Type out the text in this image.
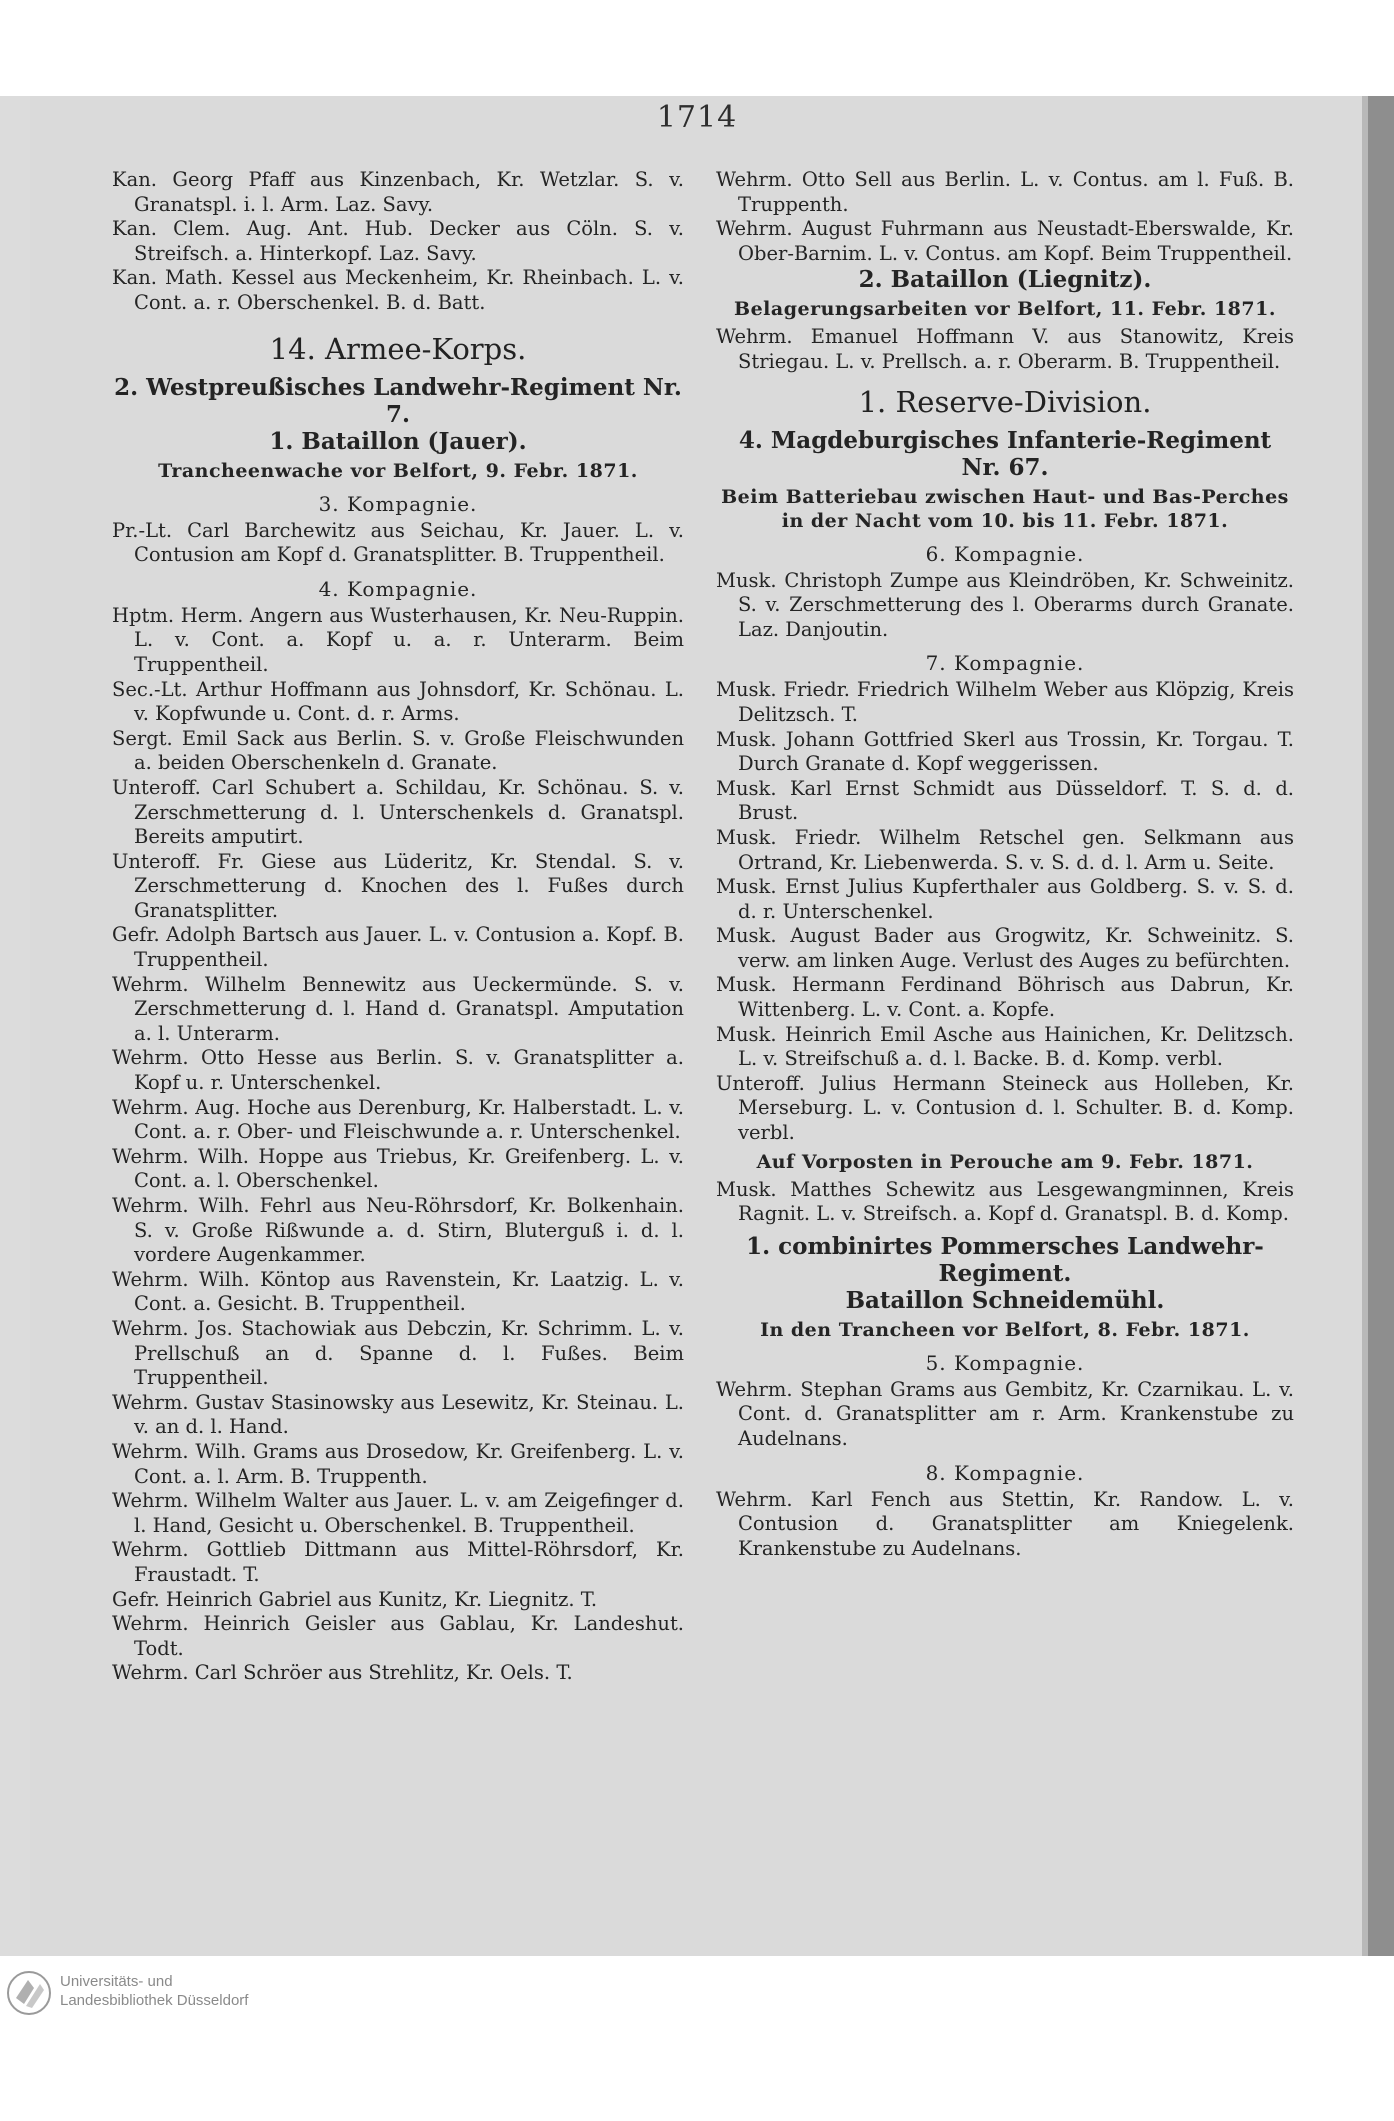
1714

Kan. Georg Pfaff aus Kinzenbach, Kr. Wetzlar. S. v. Granatspl. i. l. Arm. Laz. Savy.

Kan. Clem. Aug. Ant. Hub. Decker aus Cöln. S. v. Streifsch. a. Hinterkopf. Laz. Savy.

Kan. Math. Kessel aus Meckenheim, Kr. Rheinbach. L. v. Cont. a. r. Oberschenkel. B. d. Batt.

14. Armee-Korps.
2. Westpreußisches Landwehr-Regiment Nr. 7.
1. Bataillon (Jauer).
Trancheenwache vor Belfort, 9. Febr. 1871.
3. Kompagnie.

Pr.-Lt. Carl Barchewitz aus Seichau, Kr. Jauer. L. v. Contusion am Kopf d. Granatsplitter. B. Truppentheil.

4. Kompagnie.

Hptm. Herm. Angern aus Wusterhausen, Kr. Neu-Ruppin. L. v. Cont. a. Kopf u. a. r. Unterarm. Beim Truppentheil.

Sec.-Lt. Arthur Hoffmann aus Johnsdorf, Kr. Schönau. L. v. Kopfwunde u. Cont. d. r. Arms.

Sergt. Emil Sack aus Berlin. S. v. Große Fleischwunden a. beiden Oberschenkeln d. Granate.

Unteroff. Carl Schubert a. Schildau, Kr. Schönau. S. v. Zerschmetterung d. l. Unterschenkels d. Granatspl. Bereits amputirt.

Unteroff. Fr. Giese aus Lüderitz, Kr. Stendal. S. v. Zerschmetterung d. Knochen des l. Fußes durch Granatsplitter.

Gefr. Adolph Bartsch aus Jauer. L. v. Contusion a. Kopf. B. Truppentheil.

Wehrm. Wilhelm Bennewitz aus Ueckermünde. S. v. Zerschmetterung d. l. Hand d. Granatspl. Amputation a. l. Unterarm.

Wehrm. Otto Hesse aus Berlin. S. v. Granatsplitter a. Kopf u. r. Unterschenkel.

Wehrm. Aug. Hoche aus Derenburg, Kr. Halberstadt. L. v. Cont. a. r. Ober- und Fleischwunde a. r. Unterschenkel.

Wehrm. Wilh. Hoppe aus Triebus, Kr. Greifenberg. L. v. Cont. a. l. Oberschenkel.

Wehrm. Wilh. Fehrl aus Neu-Röhrsdorf, Kr. Bolkenhain. S. v. Große Rißwunde a. d. Stirn, Bluterguß i. d. l. vordere Augenkammer.

Wehrm. Wilh. Köntop aus Ravenstein, Kr. Laatzig. L. v. Cont. a. Gesicht. B. Truppentheil.

Wehrm. Jos. Stachowiak aus Debczin, Kr. Schrimm. L. v. Prellschuß an d. Spanne d. l. Fußes. Beim Truppentheil.

Wehrm. Gustav Stasinowsky aus Lesewitz, Kr. Steinau. L. v. an d. l. Hand.

Wehrm. Wilh. Grams aus Drosedow, Kr. Greifenberg. L. v. Cont. a. l. Arm. B. Truppenth.

Wehrm. Wilhelm Walter aus Jauer. L. v. am Zeigefinger d. l. Hand, Gesicht u. Oberschenkel. B. Truppentheil.

Wehrm. Gottlieb Dittmann aus Mittel-Röhrsdorf, Kr. Fraustadt. T.

Gefr. Heinrich Gabriel aus Kunitz, Kr. Liegnitz. T.

Wehrm. Heinrich Geisler aus Gablau, Kr. Landeshut. Todt.

Wehrm. Carl Schröer aus Strehlitz, Kr. Oels. T.

Wehrm. Otto Sell aus Berlin. L. v. Contus. am l. Fuß. B. Truppenth.

Wehrm. August Fuhrmann aus Neustadt-Eberswalde, Kr. Ober-Barnim. L. v. Contus. am Kopf. Beim Truppentheil.

2. Bataillon (Liegnitz).
Belagerungsarbeiten vor Belfort, 11. Febr. 1871.

Wehrm. Emanuel Hoffmann V. aus Stanowitz, Kreis Striegau. L. v. Prellsch. a. r. Oberarm. B. Truppentheil.

1. Reserve-Division.
4. Magdeburgisches Infanterie-Regiment Nr. 67.
Beim Batteriebau zwischen Haut- und Bas-Perches in der Nacht vom 10. bis 11. Febr. 1871.
6. Kompagnie.

Musk. Christoph Zumpe aus Kleindröben, Kr. Schweinitz. S. v. Zerschmetterung des l. Oberarms durch Granate. Laz. Danjoutin.

7. Kompagnie.

Musk. Friedr. Friedrich Wilhelm Weber aus Klöpzig, Kreis Delitzsch. T.

Musk. Johann Gottfried Skerl aus Trossin, Kr. Torgau. T. Durch Granate d. Kopf weggerissen.

Musk. Karl Ernst Schmidt aus Düsseldorf. T. S. d. d. Brust.

Musk. Friedr. Wilhelm Retschel gen. Selkmann aus Ortrand, Kr. Liebenwerda. S. v. S. d. d. l. Arm u. Seite.

Musk. Ernst Julius Kupferthaler aus Goldberg. S. v. S. d. d. r. Unterschenkel.

Musk. August Bader aus Grogwitz, Kr. Schweinitz. S. verw. am linken Auge. Verlust des Auges zu befürchten.

Musk. Hermann Ferdinand Böhrisch aus Dabrun, Kr. Wittenberg. L. v. Cont. a. Kopfe.

Musk. Heinrich Emil Asche aus Hainichen, Kr. Delitzsch. L. v. Streifschuß a. d. l. Backe. B. d. Komp. verbl.

Unteroff. Julius Hermann Steineck aus Holleben, Kr. Merseburg. L. v. Contusion d. l. Schulter. B. d. Komp. verbl.

Auf Vorposten in Perouche am 9. Febr. 1871.

Musk. Matthes Schewitz aus Lesgewangminnen, Kreis Ragnit. L. v. Streifsch. a. Kopf d. Granatspl. B. d. Komp.

1. combinirtes Pommersches Landwehr-Regiment.
Bataillon Schneidemühl.
In den Trancheen vor Belfort, 8. Febr. 1871.
5. Kompagnie.

Wehrm. Stephan Grams aus Gembitz, Kr. Czarnikau. L. v. Cont. d. Granatsplitter am r. Arm. Krankenstube zu Audelnans.

8. Kompagnie.

Wehrm. Karl Fench aus Stettin, Kr. Randow. L. v. Contusion d. Granatsplitter am Kniegelenk. Krankenstube zu Audelnans.

Universitäts- und
Landesbibliothek Düsseldorf
